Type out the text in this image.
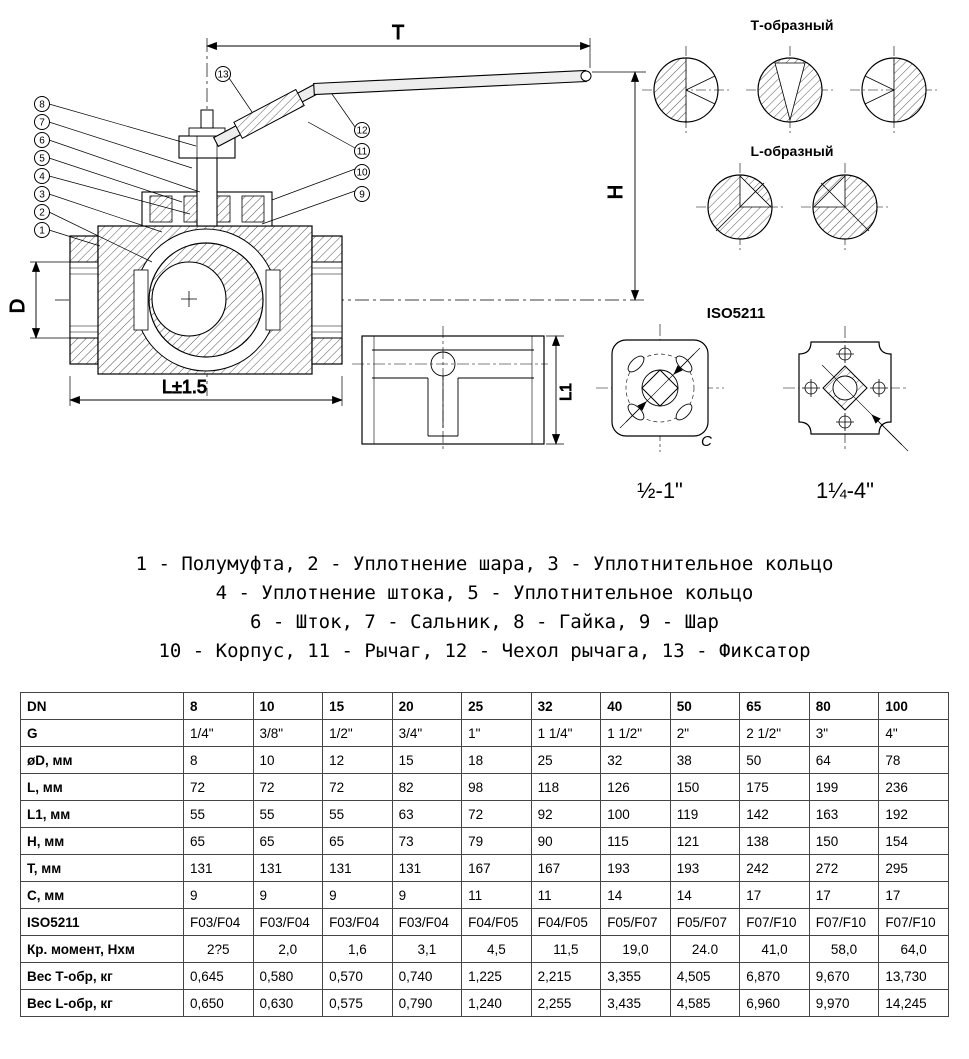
T
H
D
L±1.5
8
7
6
5
4
3
2
1
13
12
11
10
9
L1
Т-образный
L-образный
ISO5211
C
½-1"	1¼-4"
1 - Полумуфта, 2 - Уплотнение шара, 3 - Уплотнительное кольцо
4 - Уплотнение штока, 5 - Уплотнительное кольцо
6 - Шток, 7 - Сальник, 8 - Гайка, 9 - Шар
10 - Корпус, 11 - Рычаг, 12 - Чехол рычага, 13 - Фиксатор
DN	8	10	15	20	25	32	40	50	65	80	100
G	1/4"	3/8"	1/2"	3/4"	1"	1 1/4"	1 1/2"	2"	2 1/2"	3"	4"
øD, мм	8	10	12	15	18	25	32	38	50	64	78
L, мм	72	72	72	82	98	118	126	150	175	199	236
L1, мм	55	55	55	63	72	92	100	119	142	163	192
H, мм	65	65	65	73	79	90	115	121	138	150	154
T, мм	131	131	131	131	167	167	193	193	242	272	295
C, мм	9	9	9	9	11	11	14	14	17	17	17
ISO5211	F03/F04	F03/F04	F03/F04	F03/F04	F04/F05	F04/F05	F05/F07	F05/F07	F07/F10	F07/F10	F07/F10
Кр. момент, Нхм	2?5	2,0	1,6	3,1	4,5	11,5	19,0	24.0	41,0	58,0	64,0
Вес Т-обр, кг	0,645	0,580	0,570	0,740	1,225	2,215	3,355	4,505	6,870	9,670	13,730
Вес L-обр, кг	0,650	0,630	0,575	0,790	1,240	2,255	3,435	4,585	6,960	9,970	14,245
